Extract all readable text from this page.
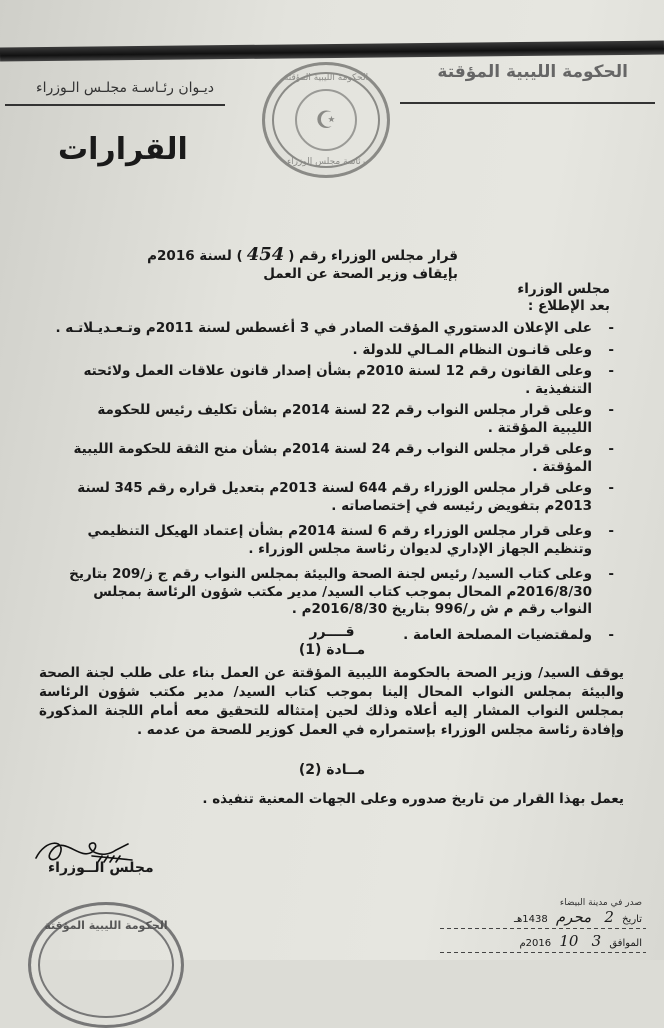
الحكومة الليبية المؤقتة
ديـوان رئـاسـة مجلـس الـوزراء
الحكومة الليبية المؤقتة
☪
رئاسة مجلس الوزراء
القرارات
قرار مجلس الوزراء رقم (454) لسنة 2016م
بإيقاف وزير الصحة عن العمل
مجلس الوزراء
بعد الإطلاع :
-
على الإعلان الدستوري المؤقت الصادر في 3 أغسطس لسنة 2011م وتـعـديـلاتـه .
-
وعلى قانـون النظام المـالي للدولة .
-
وعلى القانون رقم 12 لسنة 2010م بشأن إصدار قانون علاقات العمل ولائحته التنفيذية .
-
وعلى قرار مجلس النواب رقم 22 لسنة 2014م بشأن تكليف رئيس للحكومة الليبية المؤقتة .
-
وعلى قرار مجلس النواب رقم 24 لسنة 2014م بشأن منح الثقة للحكومة الليبية المؤقتة .
-
وعلى قرار مجلس الوزراء رقم 644 لسنة 2013م بتعديل قراره رقم 345 لسنة 2013م بتفويض رئيسه في إختصاصاته .
-
وعلى قرار مجلس الوزراء رقم 6 لسنة 2014م بشأن إعتماد الهيكل التنظيمي وتنظيم الجهاز الإداري لديوان رئاسة مجلس الوزراء .
-
وعلى كتاب السيد/ رئيس لجنة الصحة والبيئة بمجلس النواب رقم ج ز/209 بتاريخ 2016/8/30م المحال بموجب كتاب السيد/ مدير مكتب شؤون الرئاسة بمجلس النواب رقم م ش ر/996 بتاريخ 2016/8/30م .
-
ولمقتضيات المصلحة العامة .
قــــرر
مــادة (1)
يوقف السيد/ وزير الصحة بالحكومة الليبية المؤقتة عن العمل بناء على طلب لجنة الصحة والبيئة بمجلس النواب المحال إلينا بموجب كتاب السيد/ مدير مكتب شؤون الرئاسة بمجلس النواب المشار إليه أعلاه وذلك لحين إمتثاله للتحقيق معه أمام اللجنة المذكورة وإفادة رئاسة مجلس الوزراء بإستمراره في العمل كوزير للصحة من عدمه .
مــادة (2)
يعمل بهذا القرار من تاريخ صدوره وعلى الجهات المعنية تنفيذه .
مجلس الــوزراء
الحكومة الليبية المؤقتة
صدر في مدينة البيضاء
تاريخ 2 محرم 1438هـ
الموافق 3 10 2016م
